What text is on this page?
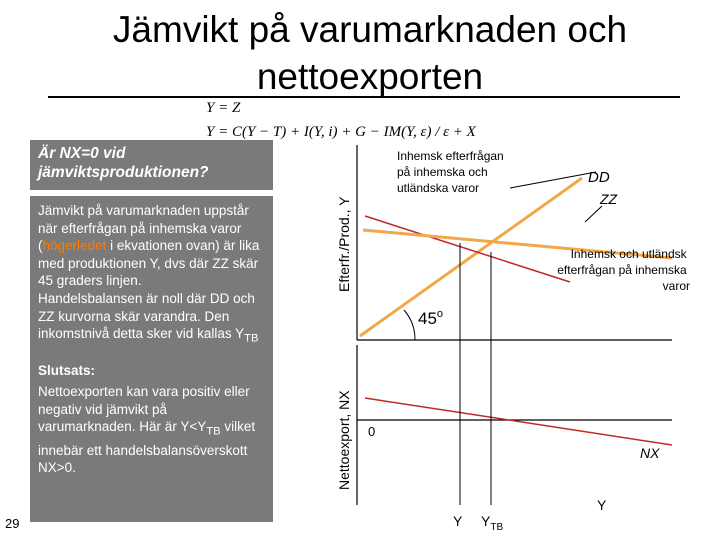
Jämvikt på varumarknaden och
nettoexporten
Y = Z
Y = C(Y − T) + I(Y, i) + G − IM(Y, ε) / ε + X
Är NX=0 vid jämviktsproduktionen?

Jämvikt på varumarknaden uppstår när efterfrågan på inhemska varor (högerledet i ekvationen ovan) är lika med produktionen Y, dvs där ZZ skär 45 graders linjen.

Handelsbalansen är noll där DD och ZZ kurvorna skär varandra. Den inkomstnivå detta sker vid kallas $Y_{TB}$

Slutsats:

Nettoexporten kan vara positiv eller negativ vid jämvikt på varumarknaden. Här är $Y<Y_{TB}$ vilket innebär ett handelsbalansöverskott NX>0.

29
Efterfr./Prod., Y
Nettoexport, NX
45$^o$
Inhemsk efterfrågan på inhemska och utländska varor
Inhemsk och utländsk efterfrågan på inhemska varor
DD
ZZ
0
NX
Y
Y $Y_{TB}$
